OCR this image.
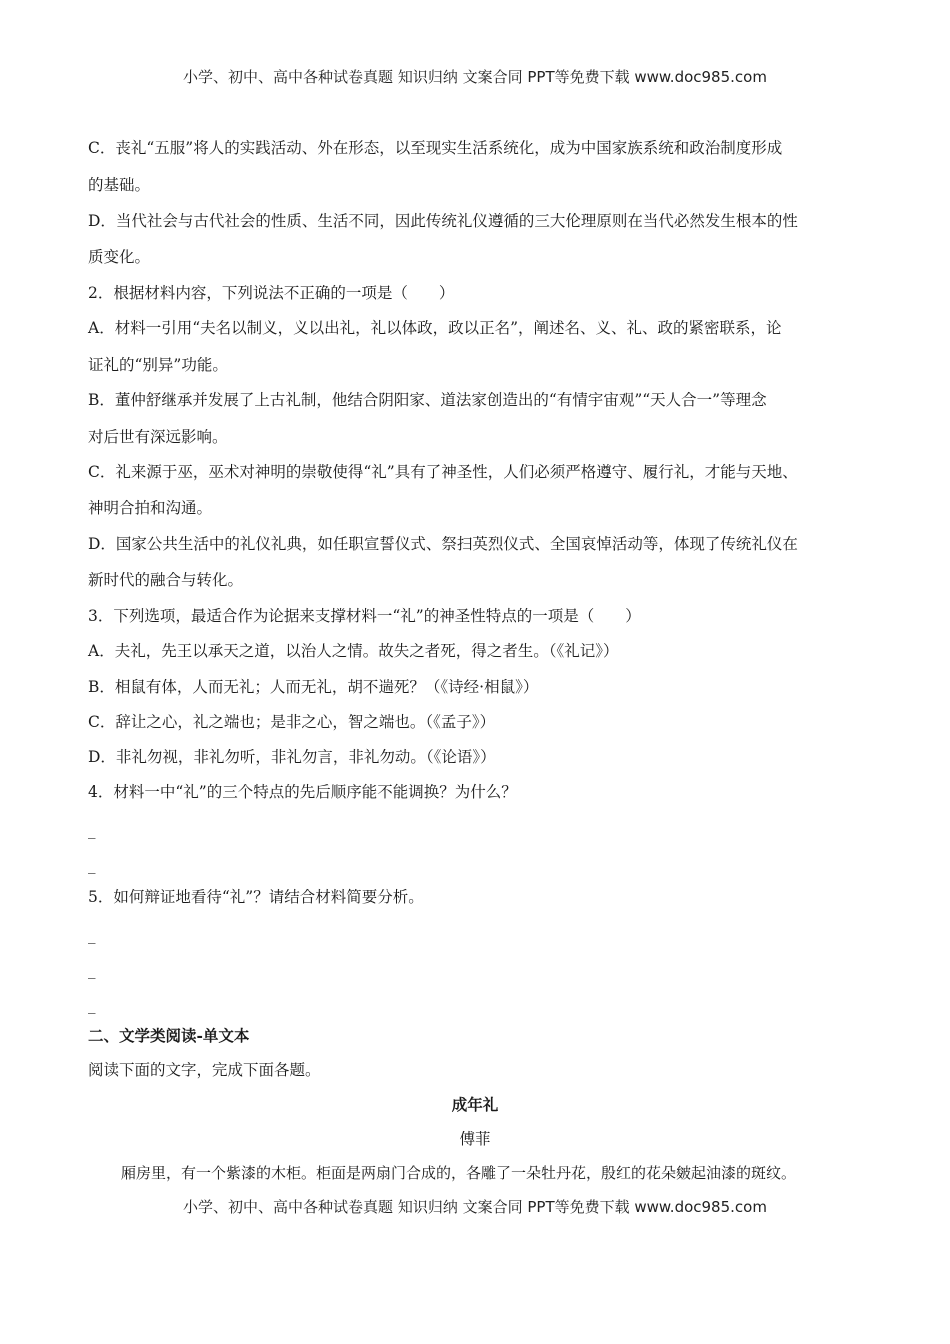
小学、初中、高中各种试卷真题 知识归纳 文案合同 PPT等免费下载 www.doc985.com
C．丧礼“五服”将人的实践活动、外在形态，以至现实生活系统化，成为中国家族系统和政治制度形成
的基础。
D．当代社会与古代社会的性质、生活不同，因此传统礼仪遵循的三大伦理原则在当代必然发生根本的性
质变化。
2．根据材料内容，下列说法不正确的一项是（　　）
A．材料一引用“夫名以制义，义以出礼，礼以体政，政以正名”，阐述名、义、礼、政的紧密联系，论
证礼的“别异”功能。
B．董仲舒继承并发展了上古礼制，他结合阴阳家、道法家创造出的“有情宇宙观”“天人合一”等理念
对后世有深远影响。
C．礼来源于巫，巫术对神明的崇敬使得“礼”具有了神圣性，人们必须严格遵守、履行礼，才能与天地、
神明合拍和沟通。
D．国家公共生活中的礼仪礼典，如任职宣誓仪式、祭扫英烈仪式、全国哀悼活动等，体现了传统礼仪在
新时代的融合与转化。
3．下列选项，最适合作为论据来支撑材料一“礼”的神圣性特点的一项是（　　）
A．夫礼，先王以承天之道，以治人之情。故失之者死，得之者生。（《礼记》）
B．相鼠有体，人而无礼；人而无礼，胡不遄死？（《诗经·相鼠》）
C．辞让之心，礼之端也；是非之心，智之端也。（《孟子》）
D．非礼勿视，非礼勿听，非礼勿言，非礼勿动。（《论语》）
4．材料一中“礼”的三个特点的先后顺序能不能调换？为什么？
_
_
5．如何辩证地看待“礼”？请结合材料简要分析。
_
_
_
二、文学类阅读-单文本
阅读下面的文字，完成下面各题。
成年礼
傅菲
厢房里，有一个紫漆的木柜。柜面是两扇门合成的，各雕了一朵牡丹花，殷红的花朵皴起油漆的斑纹。
小学、初中、高中各种试卷真题 知识归纳 文案合同 PPT等免费下载 www.doc985.com
